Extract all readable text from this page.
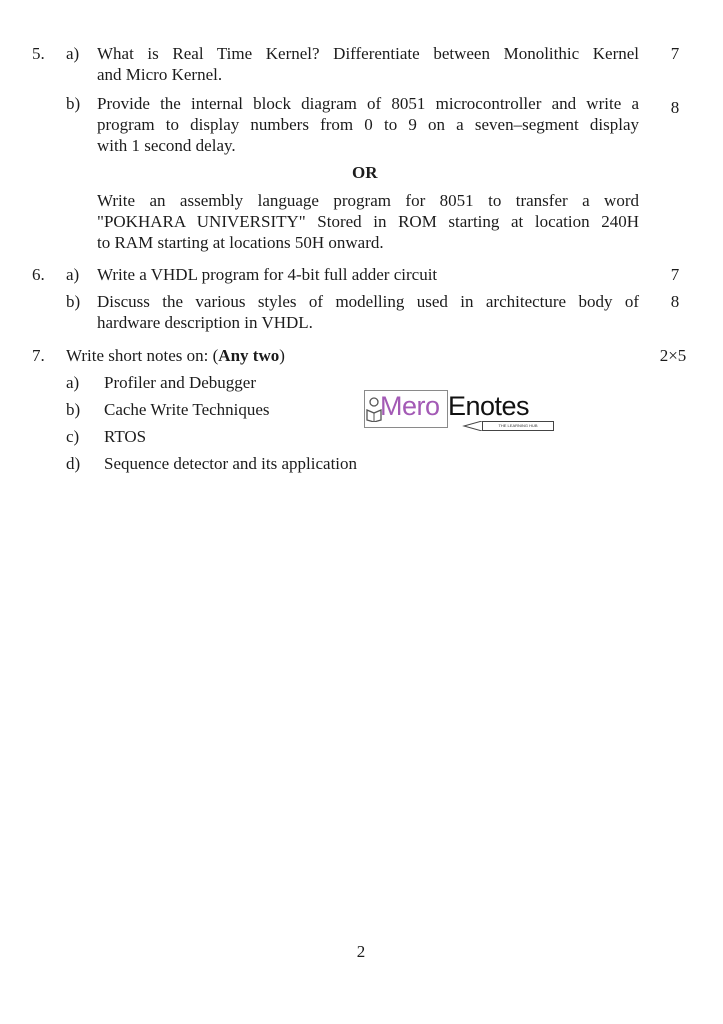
5. a) What is Real Time Kernel? Differentiate between Monolithic Kernel
and Micro Kernel.
7
b) Provide the internal block diagram of 8051 microcontroller and write a
program to display numbers from 0 to 9 on a seven–segment display
with 1 second delay.
8
OR
Write an assembly language program for 8051 to transfer a word
"POKHARA UNIVERSITY" Stored in ROM starting at location 240H
to RAM starting at locations 50H onward.
6. a) Write a VHDL program for 4-bit full adder circuit	7
b) Discuss the various styles of modelling used in architecture body of
hardware description in VHDL.
8
7. Write short notes on: (Any two)	2×5
a) Profiler and Debugger
b) Cache Write Techniques
c) RTOS
d) Sequence detector and its application
Mero Enotes
THE LEARNING HUB
2
